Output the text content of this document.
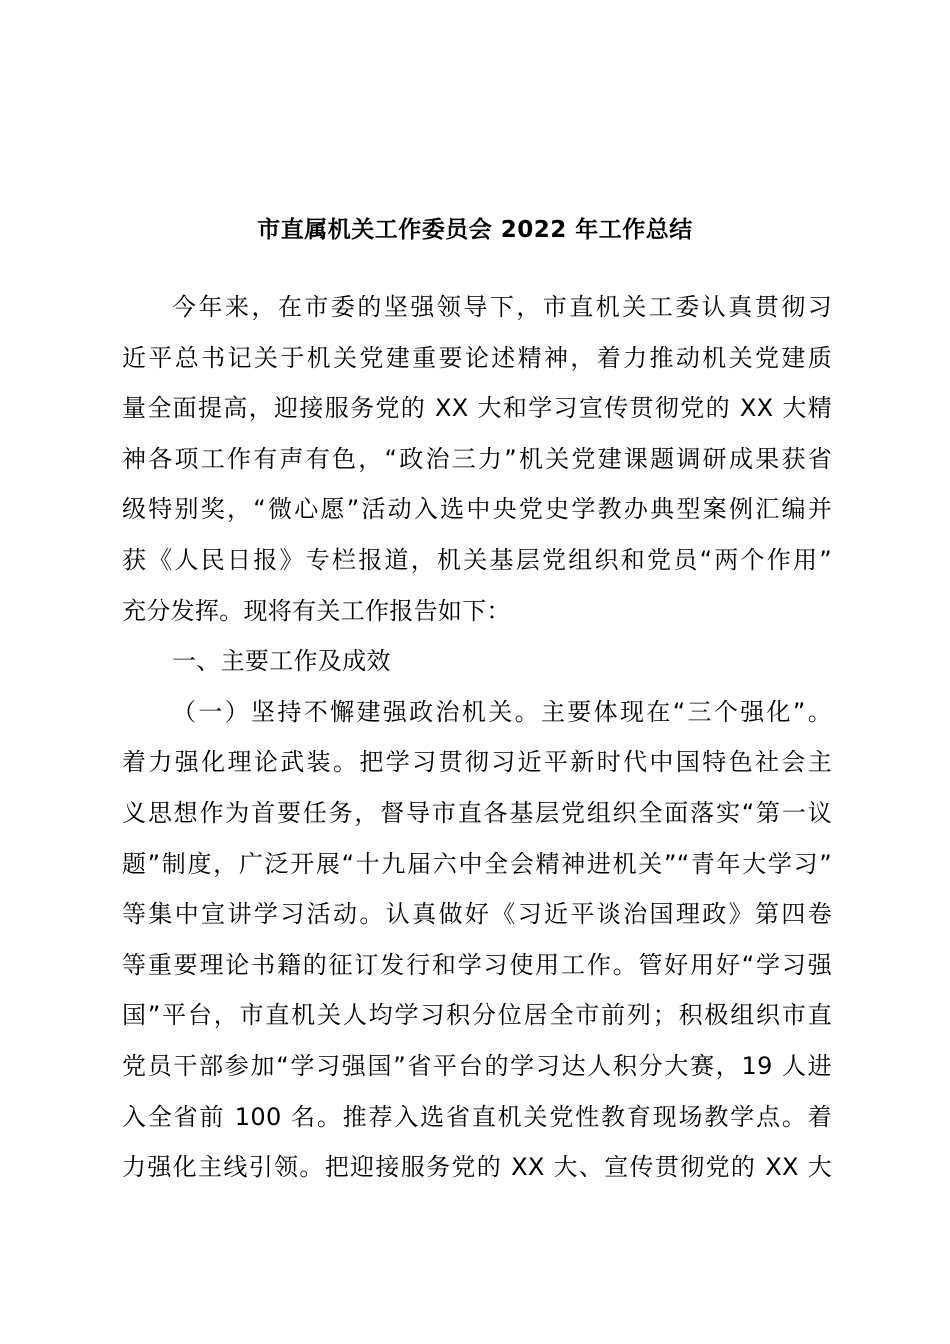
市直属机关工作委员会 2022 年工作总结
今年来，在市委的坚强领导下，市直机关工委认真贯彻习
近平总书记关于机关党建重要论述精神，着力推动机关党建质
量全面提高，迎接服务党的 XX 大和学习宣传贯彻党的 XX 大精
神各项工作有声有色，“政治三力”机关党建课题调研成果获省
级特别奖，“微心愿”活动入选中央党史学教办典型案例汇编并
获《人民日报》专栏报道，机关基层党组织和党员“两个作用”
充分发挥。现将有关工作报告如下：
一、主要工作及成效
（一）坚持不懈建强政治机关。主要体现在“三个强化”。
着力强化理论武装。把学习贯彻习近平新时代中国特色社会主
义思想作为首要任务，督导市直各基层党组织全面落实“第一议
题”制度，广泛开展“十九届六中全会精神进机关”“青年大学习”
等集中宣讲学习活动。认真做好《习近平谈治国理政》第四卷
等重要理论书籍的征订发行和学习使用工作。管好用好“学习强
国”平台，市直机关人均学习积分位居全市前列；积极组织市直
党员干部参加“学习强国”省平台的学习达人积分大赛，19 人进
入全省前 100 名。推荐入选省直机关党性教育现场教学点。着
力强化主线引领。把迎接服务党的 XX 大、宣传贯彻党的 XX 大
